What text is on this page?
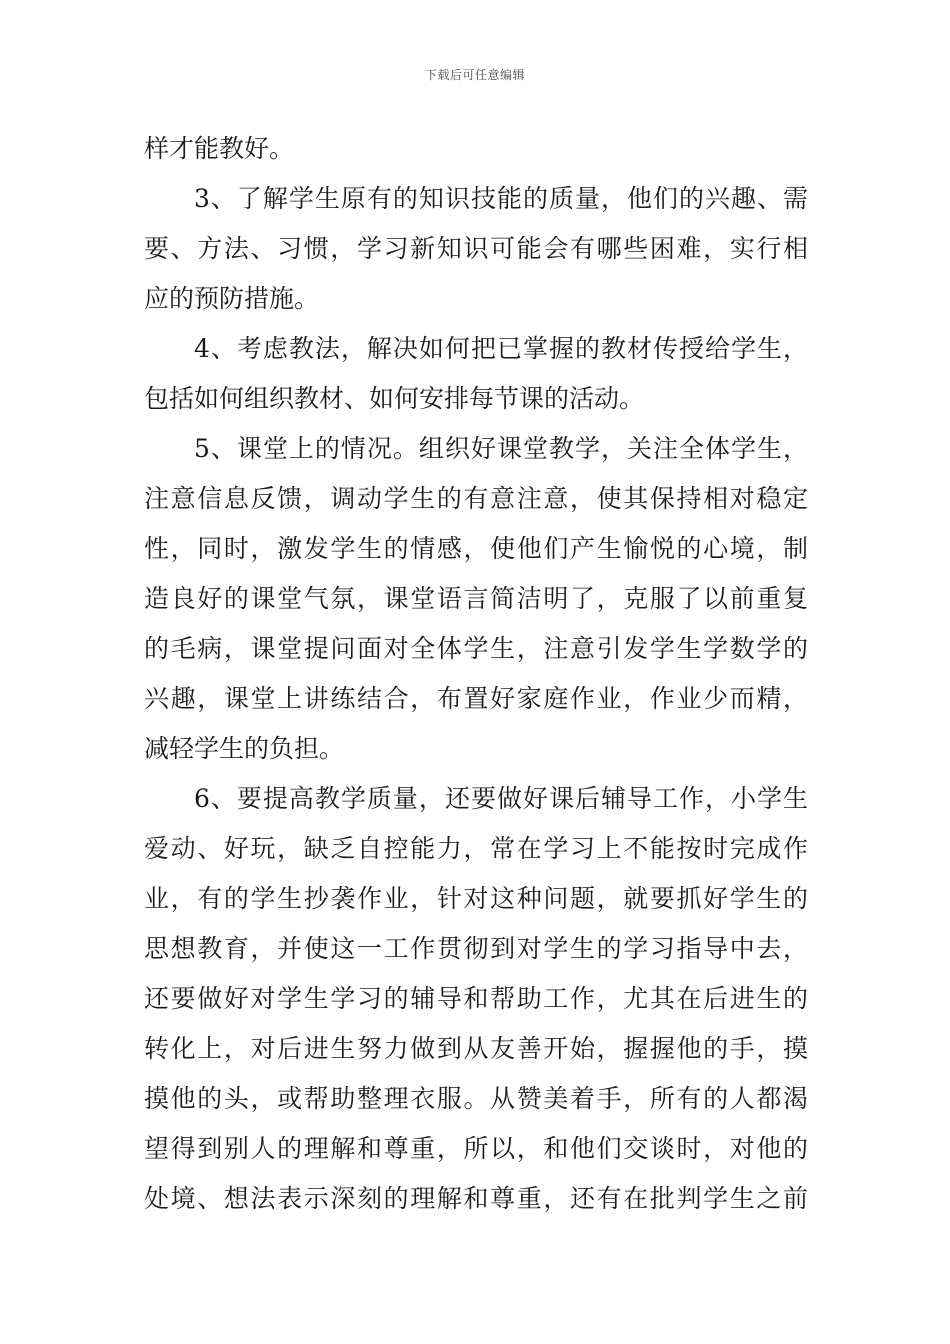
下载后可任意编辑
样才能教好。
3、了解学生原有的知识技能的质量，他们的兴趣、需
要、方法、习惯，学习新知识可能会有哪些困难，实行相
应的预防措施。
4、考虑教法，解决如何把已掌握的教材传授给学生，
包括如何组织教材、如何安排每节课的活动。
5、课堂上的情况。组织好课堂教学，关注全体学生，
注意信息反馈，调动学生的有意注意，使其保持相对稳定
性，同时，激发学生的情感，使他们产生愉悦的心境，制
造良好的课堂气氛，课堂语言简洁明了，克服了以前重复
的毛病，课堂提问面对全体学生，注意引发学生学数学的
兴趣，课堂上讲练结合，布置好家庭作业，作业少而精，
减轻学生的负担。
6、要提高教学质量，还要做好课后辅导工作，小学生
爱动、好玩，缺乏自控能力，常在学习上不能按时完成作
业，有的学生抄袭作业，针对这种问题，就要抓好学生的
思想教育，并使这一工作贯彻到对学生的学习指导中去，
还要做好对学生学习的辅导和帮助工作，尤其在后进生的
转化上，对后进生努力做到从友善开始，握握他的手，摸
摸他的头，或帮助整理衣服。从赞美着手，所有的人都渴
望得到别人的理解和尊重，所以，和他们交谈时，对他的
处境、想法表示深刻的理解和尊重，还有在批判学生之前
